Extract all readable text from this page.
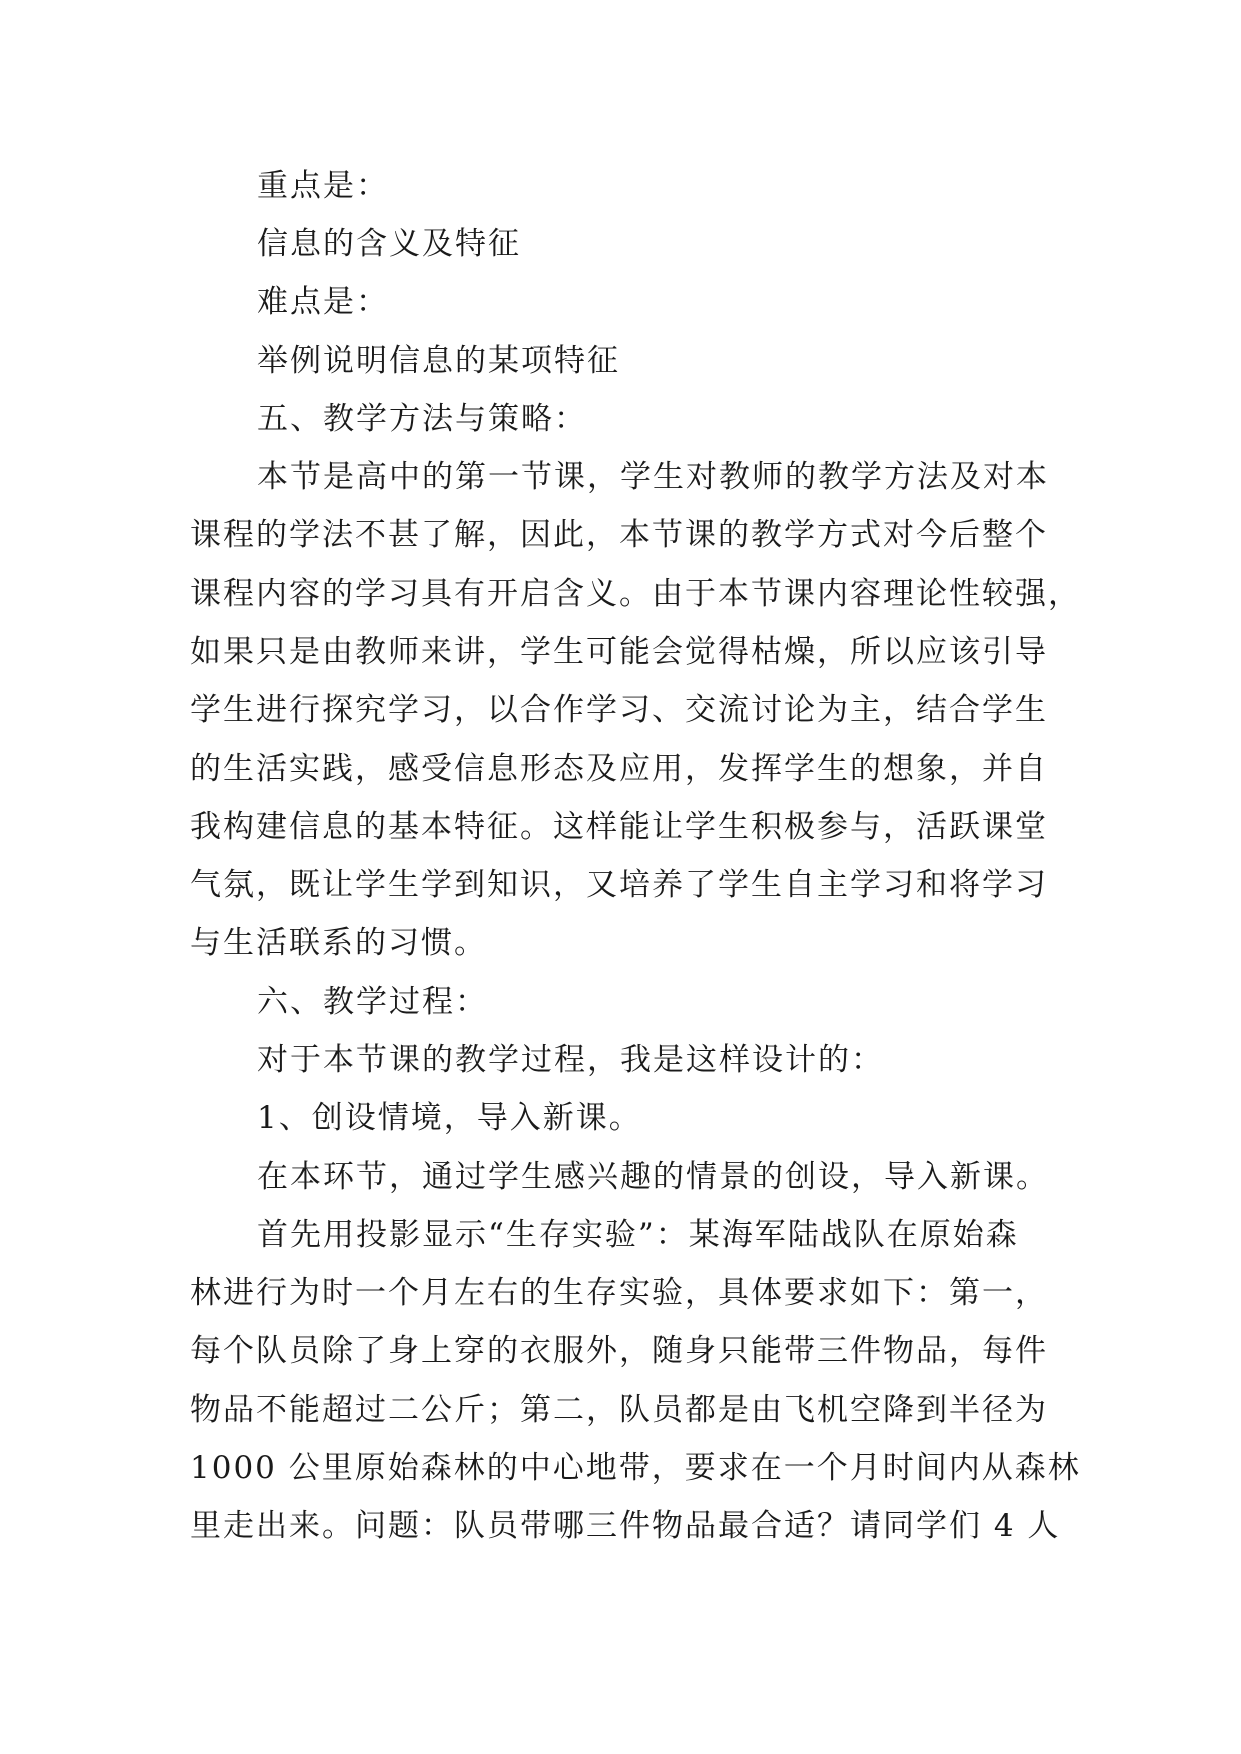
重点是：
信息的含义及特征
难点是：
举例说明信息的某项特征
五、教学方法与策略：
本节是高中的第一节课，学生对教师的教学方法及对本
课程的学法不甚了解，因此，本节课的教学方式对今后整个
课程内容的学习具有开启含义。由于本节课内容理论性较强，
如果只是由教师来讲，学生可能会觉得枯燥，所以应该引导
学生进行探究学习，以合作学习、交流讨论为主，结合学生
的生活实践，感受信息形态及应用，发挥学生的想象，并自
我构建信息的基本特征。这样能让学生积极参与，活跃课堂
气氛，既让学生学到知识，又培养了学生自主学习和将学习
与生活联系的习惯。
六、教学过程：
对于本节课的教学过程，我是这样设计的：
1、创设情境，导入新课。
在本环节，通过学生感兴趣的情景的创设，导入新课。
首先用投影显示“生存实验”：某海军陆战队在原始森
林进行为时一个月左右的生存实验，具体要求如下：第一，
每个队员除了身上穿的衣服外，随身只能带三件物品，每件
物品不能超过二公斤；第二，队员都是由飞机空降到半径为
1000 公里原始森林的中心地带，要求在一个月时间内从森林
里走出来。问题：队员带哪三件物品最合适？请同学们 4 人
